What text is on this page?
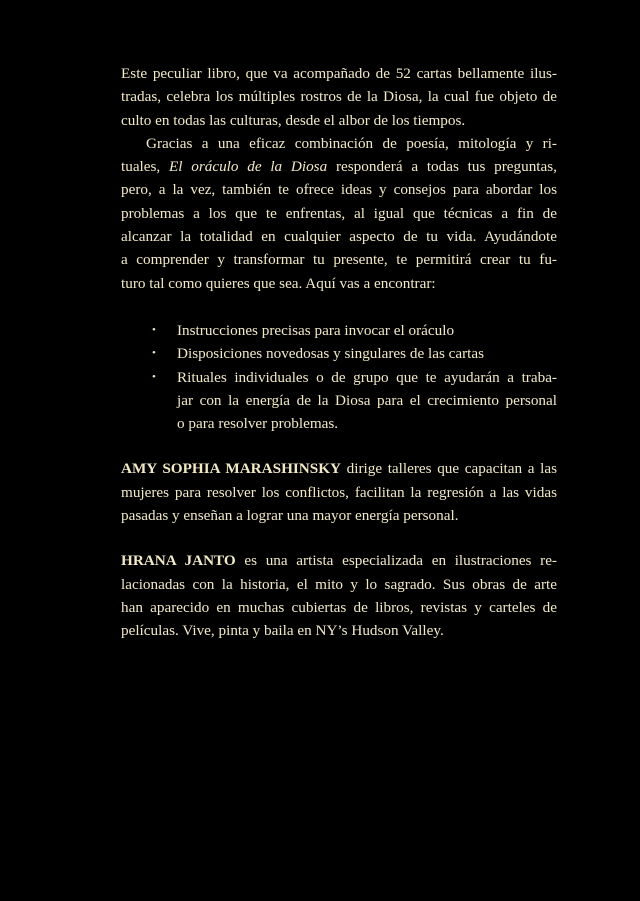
Este peculiar libro, que va acompañado de 52 cartas bellamente ilus-
tradas, celebra los múltiples rostros de la Diosa, la cual fue objeto de
culto en todas las culturas, desde el albor de los tiempos.
Gracias a una eficaz combinación de poesía, mitología y ri-
tuales, El oráculo de la Diosa responderá a todas tus preguntas,
pero, a la vez, también te ofrece ideas y consejos para abordar los
problemas a los que te enfrentas, al igual que técnicas a fin de
alcanzar la totalidad en cualquier aspecto de tu vida. Ayudándote
a comprender y transformar tu presente, te permitirá crear tu fu-
turo tal como quieres que sea. Aquí vas a encontrar:
• Instrucciones precisas para invocar el oráculo
• Disposiciones novedosas y singulares de las cartas
• Rituales individuales o de grupo que te ayudarán a traba-
jar con la energía de la Diosa para el crecimiento personal
o para resolver problemas.
AMY SOPHIA MARASHINSKY dirige talleres que capacitan a las
mujeres para resolver los conflictos, facilitan la regresión a las vidas
pasadas y enseñan a lograr una mayor energía personal.
HRANA JANTO es una artista especializada en ilustraciones re-
lacionadas con la historia, el mito y lo sagrado. Sus obras de arte
han aparecido en muchas cubiertas de libros, revistas y carteles de
películas. Vive, pinta y baila en NY’s Hudson Valley.
